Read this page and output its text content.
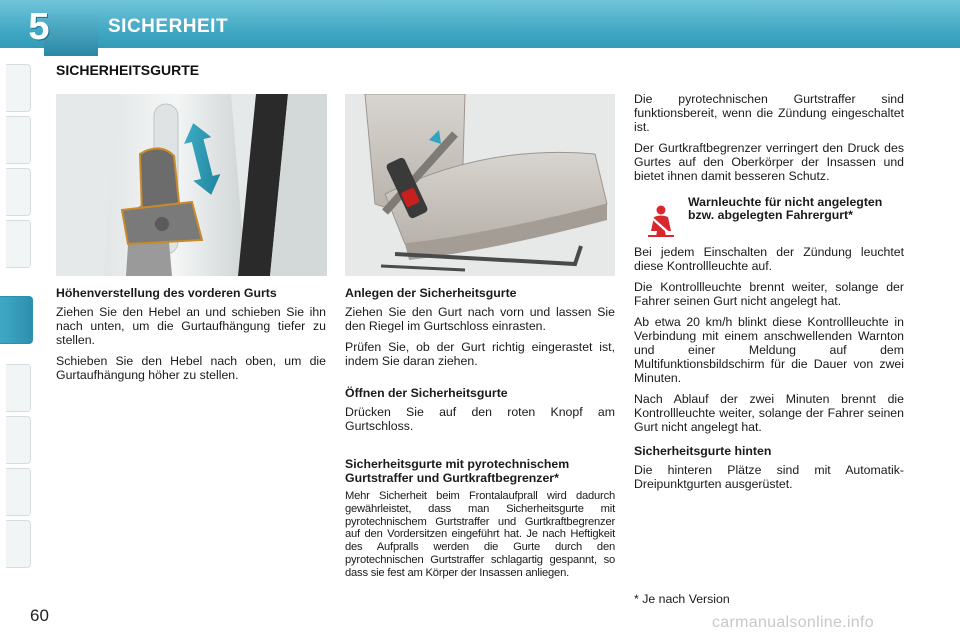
5	SICHERHEIT
SICHERHEITSGURTE
Höhenverstellung des vorderen Gurts

Ziehen Sie den Hebel an und schieben Sie ihn nach unten, um die Gurtaufhängung tiefer zu stellen.

Schieben Sie den Hebel nach oben, um die Gurtaufhängung höher zu stellen.

Anlegen der Sicherheitsgurte

Ziehen Sie den Gurt nach vorn und lassen Sie den Riegel im Gurtschloss einrasten.

Prüfen Sie, ob der Gurt richtig eingerastet ist, indem Sie daran ziehen.

Öffnen der Sicherheitsgurte

Drücken Sie auf den roten Knopf am Gurtschloss.

Sicherheitsgurte mit pyrotechnischem Gurtstraffer und Gurtkraftbegrenzer*

Mehr Sicherheit beim Frontalaufprall wird dadurch gewährleistet, dass man Sicherheitsgurte mit pyrotechnischem Gurtstraffer und Gurtkraftbegrenzer auf den Vordersitzen eingeführt hat. Je nach Heftigkeit des Aufpralls werden die Gurte durch den pyrotechnischen Gurtstraffer schlagartig gespannt, so dass sie fest am Körper der Insassen anliegen.

Die pyrotechnischen Gurtstraffer sind funktionsbereit, wenn die Zündung eingeschaltet ist.

Der Gurtkraftbegrenzer verringert den Druck des Gurtes auf den Oberkörper der Insassen und bietet ihnen damit besseren Schutz.

Bei jedem Einschalten der Zündung leuchtet diese Kontrollleuchte auf.

Die Kontrollleuchte brennt weiter, solange der Fahrer seinen Gurt nicht angelegt hat.

Ab etwa 20 km/h blinkt diese Kontrollleuchte in Verbindung mit einem anschwellenden Warnton und einer Meldung auf dem Multifunktionsbildschirm für die Dauer von zwei Minuten.

Nach Ablauf der zwei Minuten brennt die Kontrollleuchte weiter, solange der Fahrer seinen Gurt nicht angelegt hat.

Sicherheitsgurte hinten

Die hinteren Plätze sind mit Automatik-Dreipunktgurten ausgerüstet.

Warnleuchte für nicht angelegten bzw. abgelegten Fahrergurt*
* Je nach Version
60	carmanualsonline.info
